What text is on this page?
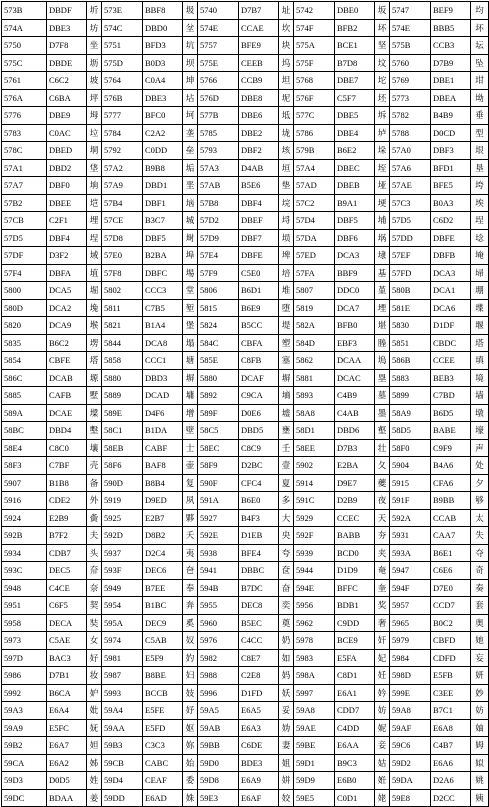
573B	DBDF	圻	573E	BBF8	圾	5740	D7B7	址	5742	DBE0	坂	5747	BEF9	均
574A	DBE3	坊	574C	DBD0	坌	574E	CCAE	坎	574F	BFB2	坏	574E	BBB5	坏
5750	D7F8	坐	5751	BFD3	坑	5757	BFE9	块	575A	BCE1	坚	575B	CCB3	坛
575C	DBDE	坜	575D	B0D3	坝	575E	CEEB	坞	575F	B7D8	坟	5760	D7B9	坠
5761	C6C2	坡	5764	C0A4	坤	5766	CCB9	坦	5768	DBE7	坨	5769	DBE1	坩
576A	C6BA	坪	576B	DBE3	坫	576D	DBE8	坭	576F	C5F7	坯	5773	DBEA	坳
5776	DBE9	坶	5777	BFC0	坷	577B	DBE6	坻	577C	DBE5	坼	5782	B4B9	垂
5783	C0AC	垃	5784	C2A2	垄	5785	DBE2	垅	5786	DBE4	垆	5788	D0CD	型
578C	DBED	垌	5792	C0DD	垒	5793	DBF2	垓	579B	B6E2	垛	57A0	DBF3	垠
57A1	DBD2	垡	57A2	B9B8	垢	57A3	D4AB	垣	57A4	DBEC	垤	57A6	BFD1	垦
57A7	DBF0	垧	57A9	DBD1	垩	57AB	B5E6	垫	57AD	DBEB	垭	57AE	BFE5	垮
57B2	DBEE	垲	57B4	DBF1	垴	57B8	DBF4	垸	57C2	B9A1	埂	57C3	B0A3	埃
57CB	C2F1	埋	57CE	B3C7	城	57D2	DBEF	埒	57D4	DBF5	埔	57D5	C6D2	埕
57D5	DBF4	埕	57D8	DBF5	埘	57D9	DBF7	埙	57DA	DBF6	埚	57DD	DBFE	埝
57DF	D3F2	域	57E0	B2BA	埠	57E4	DBFE	埤	57ED	DCA3	埭	57EF	DBFB	埯
57F4	DBFA	埴	57F8	DBFC	埸	57F9	C5E0	培	57FA	BBF9	基	57FD	DCA3	埽
5800	DCA5	堀	5802	CCC3	堂	5806	B6D1	堆	5807	DDC0	堇	580B	DCA1	堋
580D	DCA2	堍	5811	C7B5	堑	5815	B6E9	堕	5819	DCA7	堙	581E	DCA6	堞
5820	DCA9	堠	5821	B1A4	堡	5824	B5CC	堤	582A	BFB0	堪	5830	D1DF	堰
5835	B6C2	塄	5844	DCA8	塌	584C	CBFA	塑	584D	EBF3	塍	5851	CBDC	塔
5854	CBFE	塔	5858	CCC1	塘	585E	C8FB	塞	5862	DCAA	塢	586B	CCEE	填
586C	DCAB	塬	5880	DBD3	塀	5880	DCAF	塀	5881	DCAC	塁	5883	BEB3	境
5885	CAFB	墅	5889	DCAD	墉	5892	C9CA	墒	5893	C4B9	墓	5899	C7BD	墙
589A	DCAE	墚	589E	D4F6	增	589F	D0E6	墟	58A8	C4AB	墨	58A9	B6D5	墩
58BC	DBD4	墼	58C1	B1DA	壁	58C5	DBD5	壅	58D1	DBD6	壑	58D5	BABE	壕
58E4	C8C0	壤	58EB	CABF	士	58EC	C8C9	壬	58EE	D7B3	壮	58F0	C9F9	声
58F3	C7BF	壳	58F6	BAF8	壶	58F9	D2BC	壹	5902	E2BA	夂	5904	B4A6	处
5907	B1B8	备	590D	B8B4	复	590F	CFC4	夏	5914	D9E7	夔	5915	CFA6	夕
5916	CDE2	外	5919	D9ED	夙	591A	B6E0	多	591C	D2B9	夜	591F	B9BB	够
5924	E2B9	夤	5925	E2B7	夥	5927	B4F3	大	5929	CCEC	天	592A	CCAB	太
592B	B7F2	夫	592D	D8B2	夭	592E	D1EB	央	592F	BABB	夯	5931	CAA7	失
5934	CDB7	头	5937	D2C4	夷	5938	BFE4	夸	5939	BCD0	夹	593A	B6E1	夺
593C	DEC5	夼	593F	DEC6	夿	5941	DBBC	奁	5944	D1D9	奄	5947	C6E6	奇
5948	C4CE	奈	5949	B7EE	奉	594B	B7DC	奋	594E	BFFC	奎	594F	D7E0	奏
5951	C6F5	契	5954	B1BC	奔	5955	DEC8	奕	5956	BDB1	奖	5957	CCD7	套
5958	DECA	奘	595A	DEC9	奚	5960	B5EC	奠	5962	C9DD	奢	5965	B0C2	奥
5973	C5AE	女	5974	C5AB	奴	5976	C4CC	奶	5978	BCE9	奸	5979	CBFD	她
597D	BAC3	好	5981	E5F9	妁	5982	C8E7	如	5983	E5FA	妃	5984	CDFD	妄
5986	D7B1	妆	5987	B8BE	妇	5988	C2E8	妈	598A	C8D1	妊	598D	E5FB	妍
5992	B6CA	妒	5993	BCCB	妓	5996	D1FD	妖	5997	E6A1	妗	599E	C3EE	妙
59A3	E6A4	妣	59A4	E5FE	妤	59A5	E6A5	妥	59A8	CDD7	妨	59A8	B7C1	妨
59A9	E5FC	妩	59AA	E5FD	妪	59AB	E6A3	妫	59AE	C4DD	妮	59AF	E6A8	妯
59B2	E6A7	妲	59B3	C3C3	妳	59BB	C6DE	妻	59BE	E6AA	妾	59C6	C4B7	姆
59CA	E6A2	姊	59CB	CABC	始	59D0	BDE3	姐	59D1	B9C3	姑	59D2	E6A6	姒
59D3	D0D5	姓	59D4	CEAF	委	59D8	E6A9	姘	59D9	E6B0	姙	59DA	D2A6	姚
59DC	BDAA	姜	59DD	E6AD	姝	59E3	E6AF	姣	59E5	C0D1	姥	59E8	D2CC	姨
